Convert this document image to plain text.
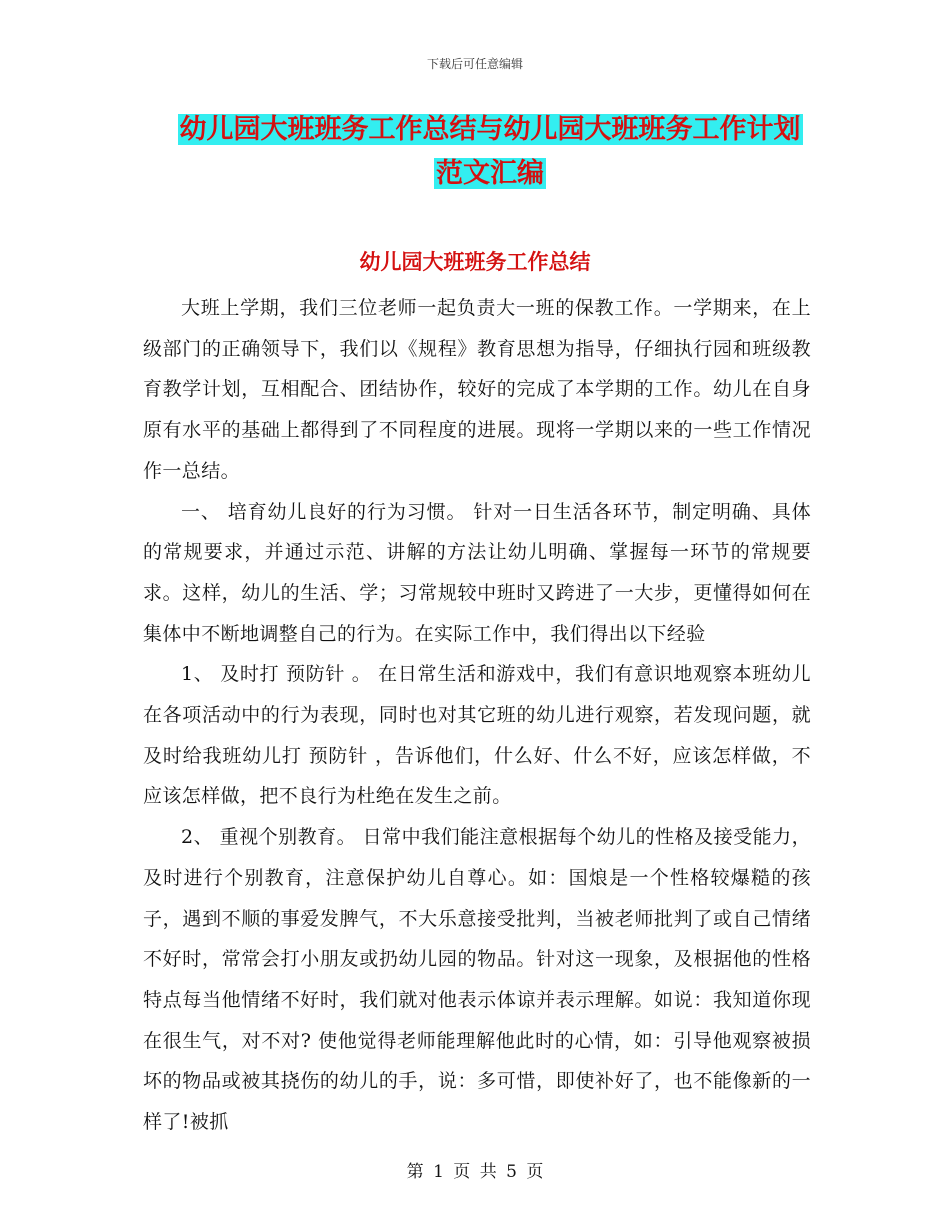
下载后可任意编辑
幼儿园大班班务工作总结与幼儿园大班班务工作计划
范文汇编
幼儿园大班班务工作总结

大班上学期，我们三位老师一起负责大一班的保教工作。一学期来，在上级部门的正确领导下，我们以《规程》教育思想为指导，仔细执行园和班级教育教学计划，互相配合、团结协作，较好的完成了本学期的工作。幼儿在自身原有水平的基础上都得到了不同程度的进展。现将一学期以来的一些工作情况作一总结。

一、 培育幼儿良好的行为习惯。 针对一日生活各环节，制定明确、具体的常规要求，并通过示范、讲解的方法让幼儿明确、掌握每一环节的常规要求。这样，幼儿的生活、学；习常规较中班时又跨进了一大步，更懂得如何在集体中不断地调整自己的行为。在实际工作中，我们得出以下经验

1、 及时打 预防针 。 在日常生活和游戏中，我们有意识地观察本班幼儿在各项活动中的行为表现，同时也对其它班的幼儿进行观察，若发现问题，就及时给我班幼儿打 预防针 ，告诉他们，什么好、什么不好，应该怎样做，不应该怎样做，把不良行为杜绝在发生之前。

2、 重视个别教育。 日常中我们能注意根据每个幼儿的性格及接受能力，及时进行个别教育，注意保护幼儿自尊心。如：国烺是一个性格较爆糙的孩子，遇到不顺的事爱发脾气，不大乐意接受批判，当被老师批判了或自己情绪不好时，常常会打小朋友或扔幼儿园的物品。针对这一现象，及根据他的性格特点每当他情绪不好时，我们就对他表示体谅并表示理解。如说：我知道你现在很生气，对不对? 使他觉得老师能理解他此时的心情，如：引导他观察被损坏的物品或被其挠伤的幼儿的手，说：多可惜，即使补好了，也不能像新的一样了!被抓

第 1 页 共 5 页
